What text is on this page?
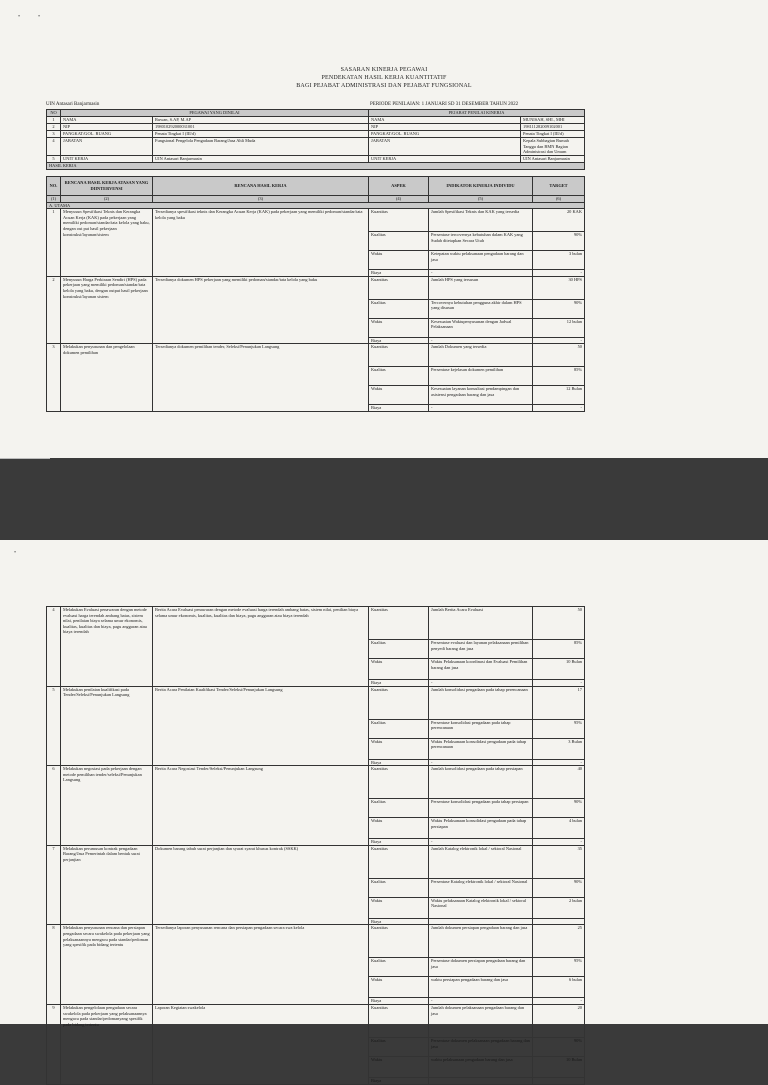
•	•
SASARAN KINERJA PEGAWAI
PENDEKATAN HASIL KERJA KUANTITATIF
BAGI PEJABAT ADMINISTRASI DAN PEJABAT FUNGSIONAL
UIN Antasari Banjarmasin	PERIODE PENILAIAN: 1 JANUARI SD 31 DESEMBER TAHUN 2022
NO	PEGAWAI YANG DINILAI		PEJABAT PENILAI KINERJA	
1	NAMA	Ruwan, S.AP, M.AP	NAMA	MUNISAH, SHI., MHI
2	NIP	198010292000031001	NIP	198111282009102001
3	PANGKAT/GOL. RUANG	Penata Tingkat I (III/d)	PANGKAT/GOL. RUANG	Penata Tingkat I (III/d)
4	JABATAN	Fungsional Pengelola Pengadaan Barang/Jasa Ahli Muda	JABATAN	Kepala Subbagian Rumah Tangga dan BMN Bagian Administrasi dan Umum
5	UNIT KERJA	UIN Antasari Banjarmasin	UNIT KERJA	UIN Antasari Banjarmasin
HASIL KERJA				
NO.	RENCANA HASIL KERJA ATASAN YANG DIINTERVENSI	RENCANA HASIL KERJA	ASPEK	INDIKATOR KINERJA INDIVIDU	TARGET
(1)	(2)	(3)	(4)	(5)	(6)
A. UTAMA					
1	Menyusun Spesifikasi Teknis dan Kerangka Acuan Kerja (KAK) pada pekerjaan yang memiliki pedoman/standar/tata kelola yang baku, dengan out put hasil pekerjaan konstruksi/layanan/sistem	Tersedianya spesifikasi teknis dan Kerangka Acuan Kerja (KAK) pada pekerjaan yang memiliki pedoman/standar/tata kelola yang baku	Kuantitas	Jumlah Spesifikasi Teknis dan KAK yang tersedia	20 KAK
			Kualitas	Persentase tercovernya kebutuhan dalam KAK yang Sudah ditetapkan Secara Utuh	90%
			Waktu	Ketepatan waktu pelaksanaan pengadaan barang dan jasa	3 bulan
			Biaya	-	-
2	Menyusun Harga Perkiraan Sendiri (HPS) pada pekerjaan yang memiliki pedoman/standar/tata kelola yang baku, dengan output hasil pekerjaan konstruksi/layanan sistem	Tersedianya dokumen HPS pekerjaan yang memiliki pedoman/standar/tata kelola yang baku	Kuantitas	Jumlah HPS yang tersusun	30 HPS
			Kualitas	Tercovernya kebutuhan pengguna akhir dalam HPS yang disusun	90%
			Waktu	Kesesuaian Waktupenyusunan dengan Jadwal Pelaksanaan	12 bulan
			Biaya	-	-
3	Melakukan penyusunan dan pengelolaan dokumen pemilihan	Tersedianya dokumen pemilihan tender, Seleksi/Penunjukan Langsung	Kuantitas	Jumlah Dokumen yang tersedia	50
			Kualitas	Persentase kejelasan dokumen pemilihan	85%
			Waktu	Kesesuaian layanan konsultasi pendampingan dan asistensi pengadaan barang dan jasa	12 Bulan
			Biaya	-	-
•
4	Melakukan Evaluasi penawaran dengan metode evaluasi harga terendah ambang batas, sistem nilai, penilaian biaya selama umur ekonomis, kualitas, kualitas dan biaya, pagu anggaran atau biaya terendah	Berita Acara Evaluasi penawaran dengan metode evaluasi harga terendah ambang batas, sistem nilai, penilian biaya selama umur ekonomis, kualitas, kualitas dan biaya, pagu anggaran atau biaya terendah	Kuantitas	Jumlah Berita Acara Evaluasi	50
			Kualitas	Persentase evaluasi dan layanan pelaksanaan pemilihan penyedi barang dan jasa	85%
			Waktu	Waktu Pelaksanaan koordinasi dan Evaluasi Pemilihan barang dan jasa	10 Bulan
			Biaya	-	-
5	Melakukan penilaian kualifikasi pada Tender/Seleksi/Penunjukan Langsung	Berita Acara Penilaian Kualifikasi Tender/Seleksi/Penunjukan Langsung	Kuantitas	Jumlah konsolidasi pengadaan pada tahap perencanaan	17
			Kualitas	Persentase konsolidasi pengadaan pada tahap perencanaan	95%
			Waktu	Waktu Pelaksanaan konsolidasi pengadaan pada tahap perencanaan	3 Bulan
			Biaya	-	-
6	Melakukan negosiasi pada pekerjaan dengan metode pemilihan tender/seleksi/Penunjukan Langsung	Berita Acara Negosiasi Tender/Seleksi/Penunjukan Langsung	Kuantitas	Jumlah konsolidasi pengadaan pada tahap persiapan	40
			Kualitas	Persentase konsolidasi pengadaan pada tahap persiapan	90%
			Waktu	Waktu Pelaksanaan konsolidasi pengadaan pada tahap persiapan	4 bulan
			Biaya	-	-
7	Melakukan perumusan kontrak pengadaan Barang/Jasa Pemerintah dalam bentuk surat perjanjian	Dokumen barang tabuh surat perjanjian dan syarat syarat khusus kontrak (SSKK)	Kuantitas	Jumlah Katalog elektronik lokal / sektoral Nasional	35
			Kualitas	Persentase Katalog elektronik lokal / sektoral Nasional	90%
			Waktu	Waktu pelaksanaan Katalog elektronik lokal / sektoral Nasional	2 bulan
			Biaya		
8	Melakukan penyusunan rencana dan persiapan pengadaan secara swakelola pada pekerjaan yang pelaksanaannya mengacu pada standar/pedoman yang spesifik pada bidang tertentu	Tersedianya laporan penyusunan rencana dan persiapan pengadaan secara swa kelola	Kuantitas	Jumlah dokumen persiapan pengadaan barang dan jasa	25
			Kualitas	Persentase dokumen persiapan pengadaan barang dan jasa	95%
			Waktu	waktu persiapan pengadaan barang dan jasa	6 bulan
			Biaya	-	-
9	Melakukan pengelolaan pengadaan secara swakelola pada pekerjaan yang pelaksanaannya mengacu pada standar/pedomanyang spesifik pada bidang tertentu	Laporan Kegiatan swakelola	Kuantitas	Jumlah dokumen pelaksanaan pengadaan barang dan jasa	20
			Kualitas	Persentase dokumen pelaksanaan pengadaan barang dan jasa	90%
			Waktu	waktu pelaksanaan pengadaan barang dan jasa	10 Bulan
			Biaya		
